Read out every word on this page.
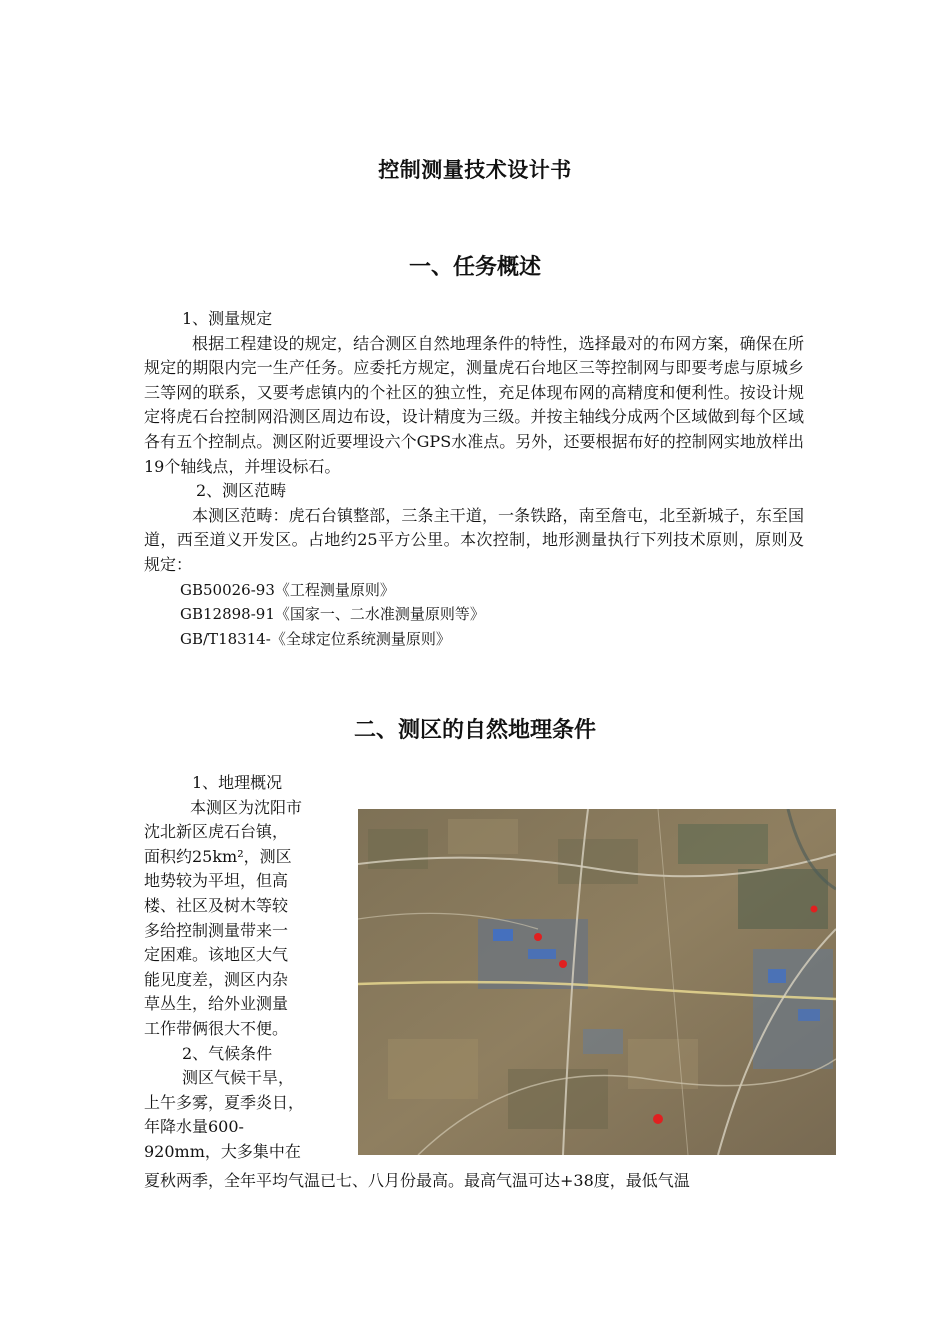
控制测量技术设计书
一、任务概述
1、测量规定
根据工程建设的规定，结合测区自然地理条件的特性，选择最对的布网方案，确保在所规定的期限内完一生产任务。应委托方规定，测量虎石台地区三等控制网与即要考虑与原城乡三等网的联系，又要考虑镇内的个社区的独立性，充足体现布网的高精度和便利性。按设计规定将虎石台控制网沿测区周边布设，设计精度为三级。并按主轴线分成两个区域做到每个区域各有五个控制点。测区附近要埋设六个GPS水准点。另外，还要根据布好的控制网实地放样出19个轴线点，并埋设标石。
2、测区范畴
本测区范畴：虎石台镇整部，三条主干道，一条铁路，南至詹屯，北至新城子，东至国道，西至道义开发区。占地约25平方公里。本次控制，地形测量执行下列技术原则，原则及规定：
GB50026-93《工程测量原则》
GB12898-91《国家一、二水准测量原则等》
GB/T18314-《全球定位系统测量原则》
二、测区的自然地理条件
1、地理概况
本测区为沈阳市
沈北新区虎石台镇，
面积约25km²，测区
地势较为平坦，但高
楼、社区及树木等较
多给控制测量带来一
定困难。该地区大气
能见度差，测区内杂
草丛生，给外业测量
工作带俩很大不便。
2、气候条件
测区气候干旱，
上午多雾，夏季炎日，
年降水量600-
920mm，大多集中在
夏秋两季，全年平均气温已七、八月份最高。最高气温可达+38度，最低气温
